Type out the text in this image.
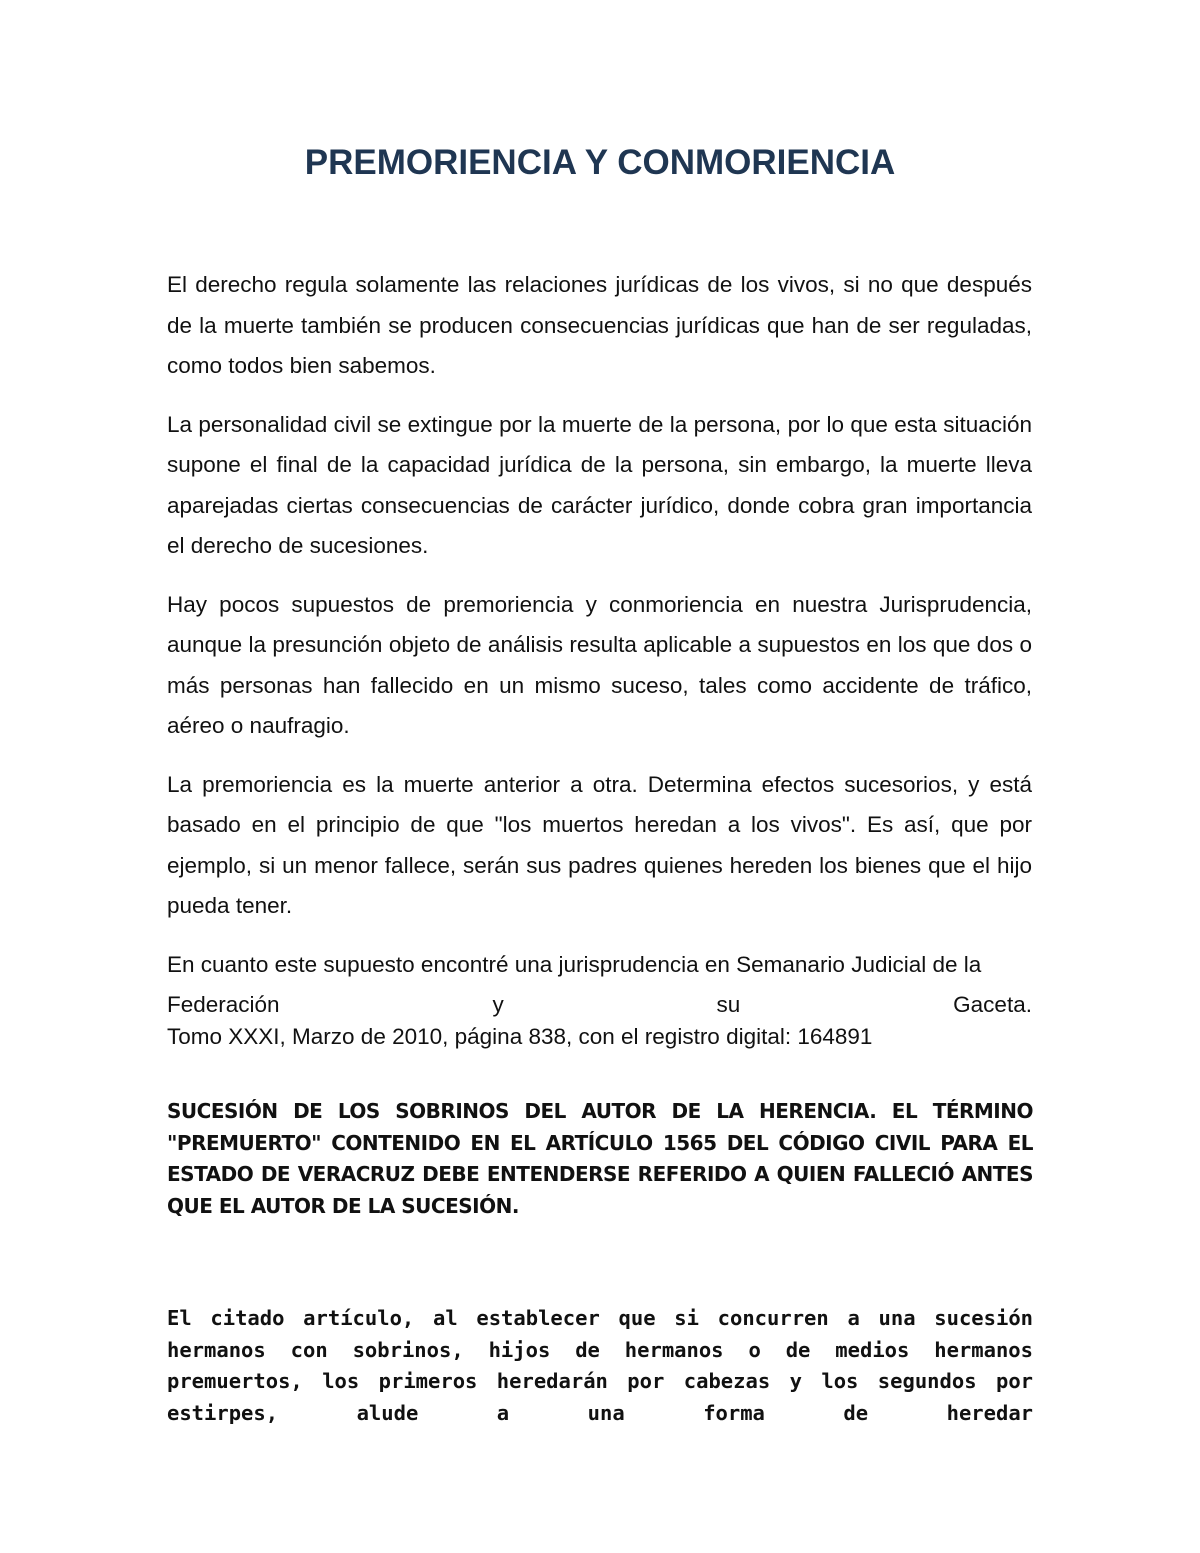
PREMORIENCIA Y CONMORIENCIA

El derecho regula solamente las relaciones jurídicas de los vivos, si no que después de la muerte también se producen consecuencias jurídicas que han de ser reguladas, como todos bien sabemos.

La personalidad civil se extingue por la muerte de la persona, por lo que esta situación supone el final de la capacidad jurídica de la persona, sin embargo, la muerte lleva aparejadas ciertas consecuencias de carácter jurídico, donde cobra gran importancia el derecho de sucesiones.

Hay pocos supuestos de premoriencia y conmoriencia en nuestra Jurisprudencia, aunque la presunción objeto de análisis resulta aplicable a supuestos en los que dos o más personas han fallecido en un mismo suceso, tales como accidente de tráfico, aéreo o naufragio.

La premoriencia es la muerte anterior a otra. Determina efectos sucesorios, y está basado en el principio de que "los muertos heredan a los vivos". Es así, que por ejemplo, si un menor fallece, serán sus padres quienes hereden los bienes que el hijo pueda tener.

En cuanto este supuesto encontré una jurisprudencia en Semanario Judicial de la

Federación	y	su	Gaceta.

Tomo XXXI, Marzo de 2010, página 838, con el registro digital: 164891

SUCESIÓN DE LOS SOBRINOS DEL AUTOR DE LA HERENCIA. EL TÉRMINO "PREMUERTO" CONTENIDO EN EL ARTÍCULO 1565 DEL CÓDIGO CIVIL PARA EL ESTADO DE VERACRUZ DEBE ENTENDERSE REFERIDO A QUIEN FALLECIÓ ANTES QUE EL AUTOR DE LA SUCESIÓN.

El citado artículo, al establecer que si concurren a una sucesión hermanos con sobrinos, hijos de hermanos o de medios hermanos premuertos, los primeros heredarán por cabezas y los segundos por estirpes, alude a una forma de heredar
